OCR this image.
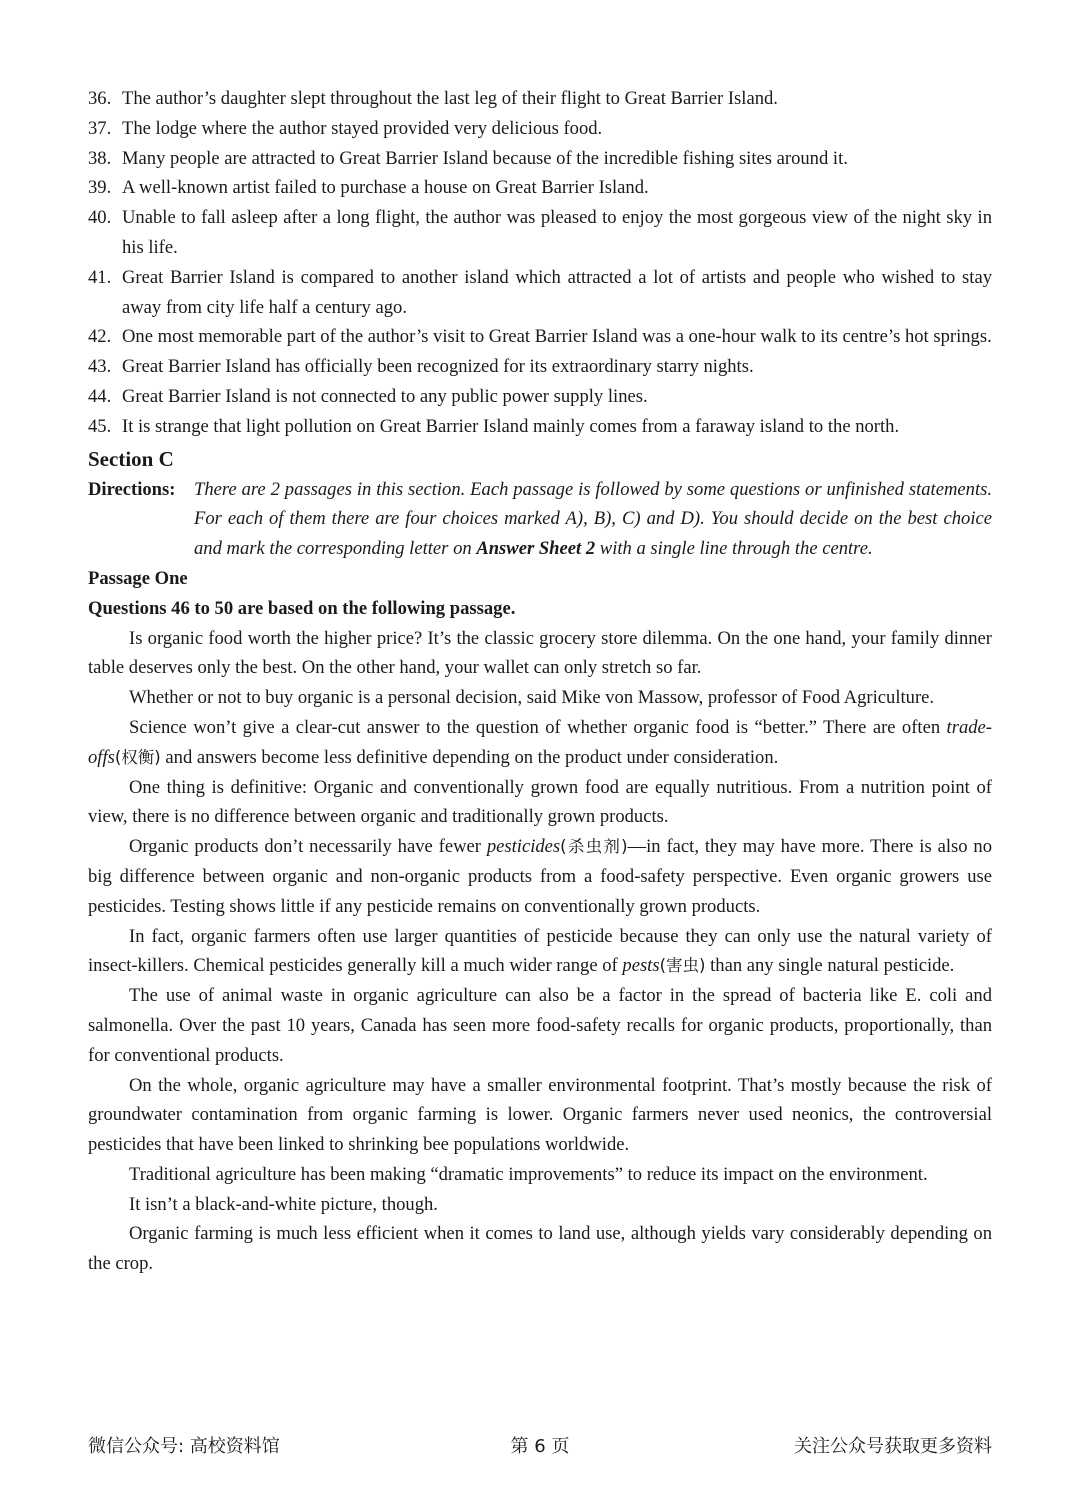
36. The author’s daughter slept throughout the last leg of their flight to Great Barrier Island.
37. The lodge where the author stayed provided very delicious food.
38. Many people are attracted to Great Barrier Island because of the incredible fishing sites around it.
39. A well-known artist failed to purchase a house on Great Barrier Island.
40. Unable to fall asleep after a long flight, the author was pleased to enjoy the most gorgeous view of the night sky in his life.
41. Great Barrier Island is compared to another island which attracted a lot of artists and people who wished to stay away from city life half a century ago.
42. One most memorable part of the author’s visit to Great Barrier Island was a one-hour walk to its centre’s hot springs.
43. Great Barrier Island has officially been recognized for its extraordinary starry nights.
44. Great Barrier Island is not connected to any public power supply lines.
45. It is strange that light pollution on Great Barrier Island mainly comes from a faraway island to the north.
Section C
Directions: There are 2 passages in this section. Each passage is followed by some questions or unfinished statements. For each of them there are four choices marked A), B), C) and D). You should decide on the best choice and mark the corresponding letter on Answer Sheet 2 with a single line through the centre.
Passage One
Questions 46 to 50 are based on the following passage.

Is organic food worth the higher price? It’s the classic grocery store dilemma. On the one hand, your family dinner table deserves only the best. On the other hand, your wallet can only stretch so far.

Whether or not to buy organic is a personal decision, said Mike von Massow, professor of Food Agriculture.

Science won’t give a clear-cut answer to the question of whether organic food is “better.” There are often trade-offs(权衡) and answers become less definitive depending on the product under consideration.

One thing is definitive: Organic and conventionally grown food are equally nutritious. From a nutrition point of view, there is no difference between organic and traditionally grown products.

Organic products don’t necessarily have fewer pesticides(杀虫剂)—in fact, they may have more. There is also no big difference between organic and non-organic products from a food-safety perspective. Even organic growers use pesticides. Testing shows little if any pesticide remains on conventionally grown products.

In fact, organic farmers often use larger quantities of pesticide because they can only use the natural variety of insect-killers. Chemical pesticides generally kill a much wider range of pests(害虫) than any single natural pesticide.

The use of animal waste in organic agriculture can also be a factor in the spread of bacteria like E. coli and salmonella. Over the past 10 years, Canada has seen more food-safety recalls for organic products, proportionally, than for conventional products.

On the whole, organic agriculture may have a smaller environmental footprint. That’s mostly because the risk of groundwater contamination from organic farming is lower. Organic farmers never used neonics, the controversial pesticides that have been linked to shrinking bee populations worldwide.

Traditional agriculture has been making “dramatic improvements” to reduce its impact on the environment.

It isn’t a black-and-white picture, though.

Organic farming is much less efficient when it comes to land use, although yields vary considerably depending on the crop.

微信公众号: 高校资料馆	第 6 页	关注公众号获取更多资料
